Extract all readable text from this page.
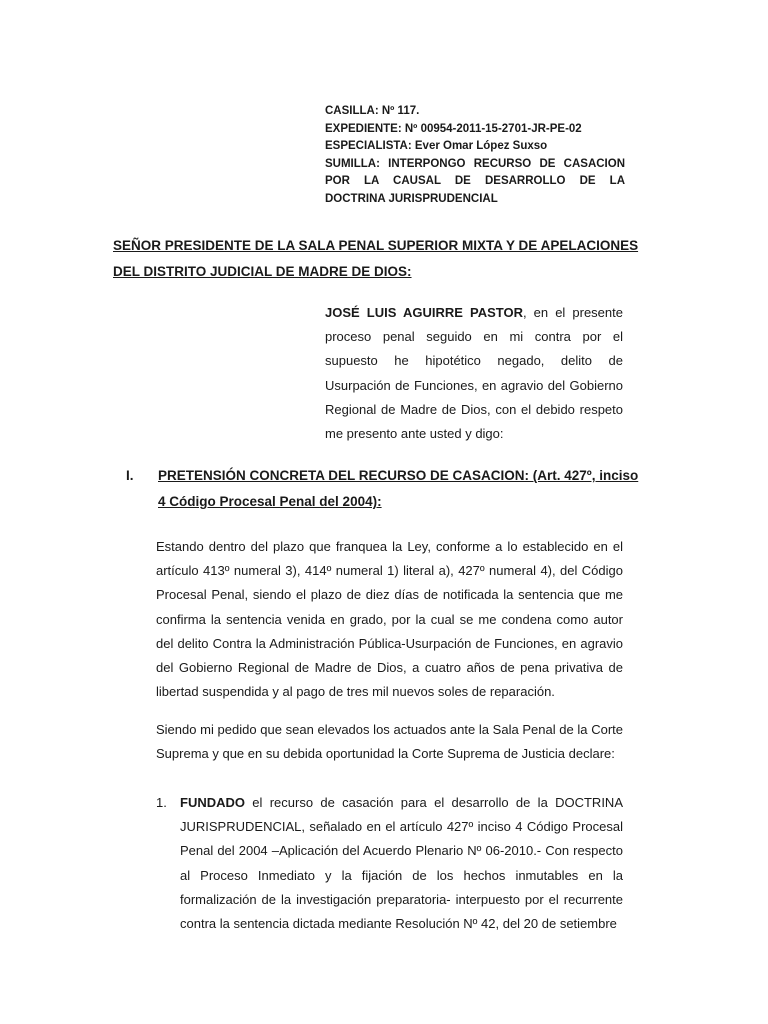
CASILLA: Nº 117.
EXPEDIENTE: Nº 00954-2011-15-2701-JR-PE-02
ESPECIALISTA: Ever Omar López Suxso
SUMILLA: INTERPONGO RECURSO DE CASACION
POR LA CAUSAL DE DESARROLLO DE LA
DOCTRINA JURISPRUDENCIAL
SEÑOR PRESIDENTE DE LA SALA PENAL SUPERIOR MIXTA Y DE APELACIONES
DEL DISTRITO JUDICIAL DE MADRE DE DIOS:
JOSÉ LUIS AGUIRRE PASTOR, en el presente proceso penal seguido en mi contra por el supuesto he hipotético negado, delito de Usurpación de Funciones, en agravio del Gobierno Regional de Madre de Dios, con el debido respeto me presento ante usted y digo:
I.	PRETENSIÓN CONCRETA DEL RECURSO DE CASACION: (Art. 427º, inciso
4 Código Procesal Penal del 2004):
Estando dentro del plazo que franquea la Ley, conforme a lo establecido en el artículo 413º numeral 3), 414º numeral 1) literal a), 427º numeral 4), del Código Procesal Penal, siendo el plazo de diez días de notificada la sentencia que me confirma la sentencia venida en grado, por la cual se me condena como autor del delito Contra la Administración Pública-Usurpación de Funciones, en agravio del Gobierno Regional de Madre de Dios, a cuatro años de pena privativa de libertad suspendida y al pago de tres mil nuevos soles de reparación.
Siendo mi pedido que sean elevados los actuados ante la Sala Penal de la Corte Suprema y que en su debida oportunidad la Corte Suprema de Justicia declare:
1. FUNDADO el recurso de casación para el desarrollo de la DOCTRINA JURISPRUDENCIAL, señalado en el artículo 427º inciso 4 Código Procesal Penal del 2004 –Aplicación del Acuerdo Plenario Nº 06-2010.- Con respecto al Proceso Inmediato y la fijación de los hechos inmutables en la formalización de la investigación preparatoria- interpuesto por el recurrente contra la sentencia dictada mediante Resolución Nº 42, del 20 de setiembre
